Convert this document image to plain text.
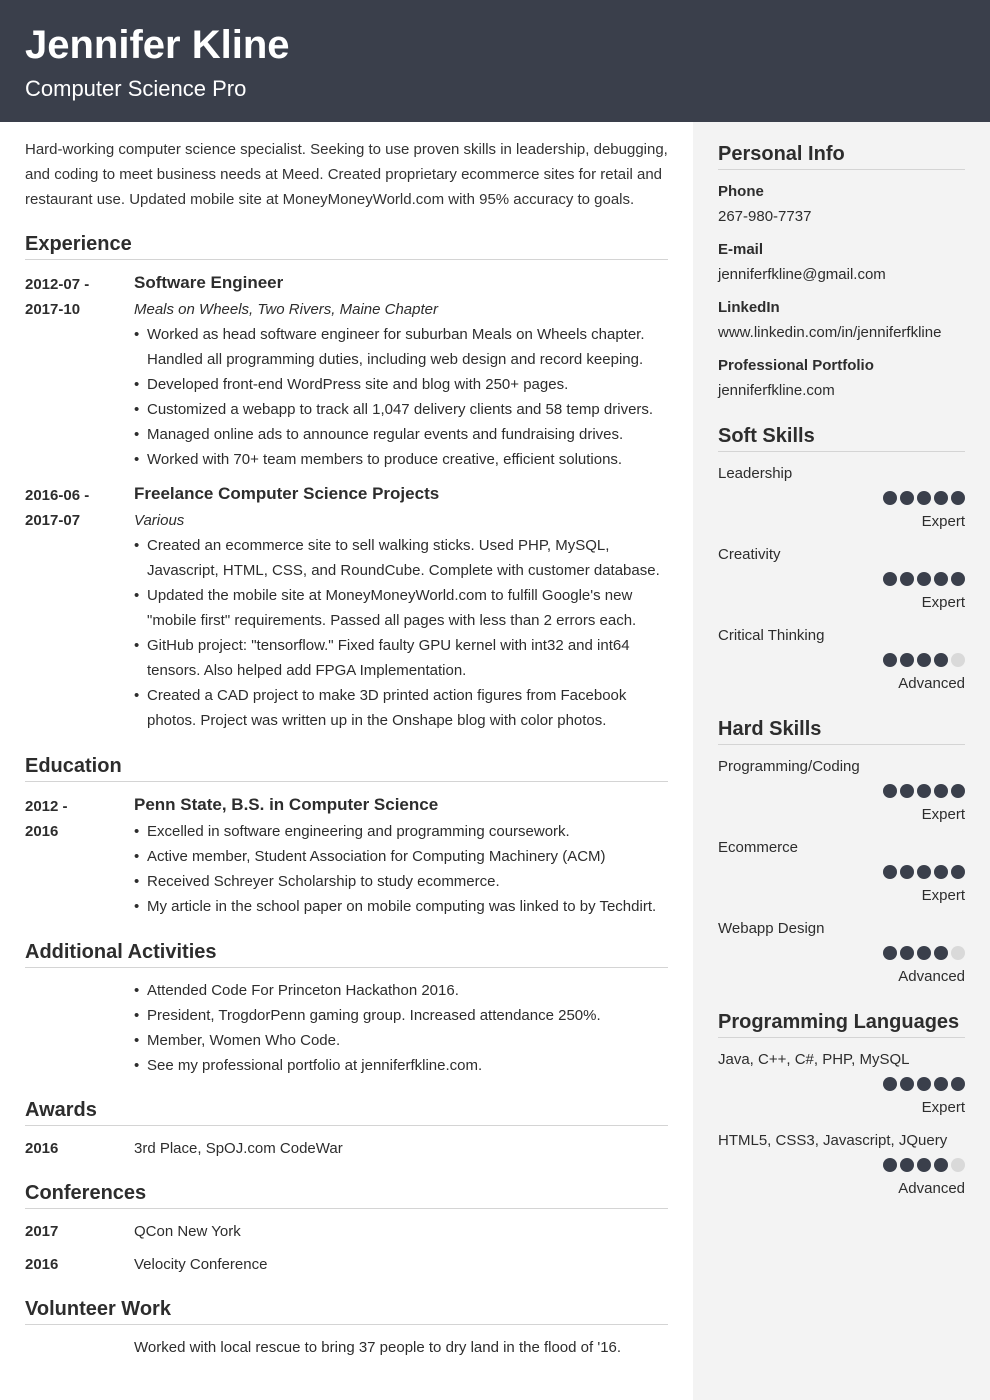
Jennifer Kline
Computer Science Pro
Hard-working computer science specialist. Seeking to use proven skills in leadership, debugging, and coding to meet business needs at Meed. Created proprietary ecommerce sites for retail and restaurant use. Updated mobile site at MoneyMoneyWorld.com with 95% accuracy to goals.
Experience
2012-07 -
2017-10
Software Engineer
Meals on Wheels, Two Rivers, Maine Chapter
• Worked as head software engineer for suburban Meals on Wheels chapter. Handled all programming duties, including web design and record keeping.
• Developed front-end WordPress site and blog with 250+ pages.
• Customized a webapp to track all 1,047 delivery clients and 58 temp drivers.
• Managed online ads to announce regular events and fundraising drives.
• Worked with 70+ team members to produce creative, efficient solutions.
2016-06 -
2017-07
Freelance Computer Science Projects
Various
• Created an ecommerce site to sell walking sticks. Used PHP, MySQL, Javascript, HTML, CSS, and RoundCube. Complete with customer database.
• Updated the mobile site at MoneyMoneyWorld.com to fulfill Google's new "mobile first" requirements. Passed all pages with less than 2 errors each.
• GitHub project: "tensorflow." Fixed faulty GPU kernel with int32 and int64 tensors. Also helped add FPGA Implementation.
• Created a CAD project to make 3D printed action figures from Facebook photos. Project was written up in the Onshape blog with color photos.
Education
2012 -
2016
Penn State, B.S. in Computer Science
• Excelled in software engineering and programming coursework.
• Active member, Student Association for Computing Machinery (ACM)
• Received Schreyer Scholarship to study ecommerce.
• My article in the school paper on mobile computing was linked to by Techdirt.
Additional Activities
• Attended Code For Princeton Hackathon 2016.
• President, TrogdorPenn gaming group. Increased attendance 250%.
• Member, Women Who Code.
• See my professional portfolio at jenniferfkline.com.
Awards
2016	3rd Place, SpOJ.com CodeWar
Conferences
2017	QCon New York
2016	Velocity Conference
Volunteer Work
Worked with local rescue to bring 37 people to dry land in the flood of '16.
Personal Info
Phone
267-980-7737
E-mail
jenniferfkline@gmail.com
LinkedIn
www.linkedin.com/in/jenniferfkline
Professional Portfolio
jenniferfkline.com
Soft Skills
Leadership
Expert
Creativity
Expert
Critical Thinking
Advanced
Hard Skills
Programming/Coding
Expert
Ecommerce
Expert
Webapp Design
Advanced
Programming Languages
Java, C++, C#, PHP, MySQL
Expert
HTML5, CSS3, Javascript, JQuery
Advanced
